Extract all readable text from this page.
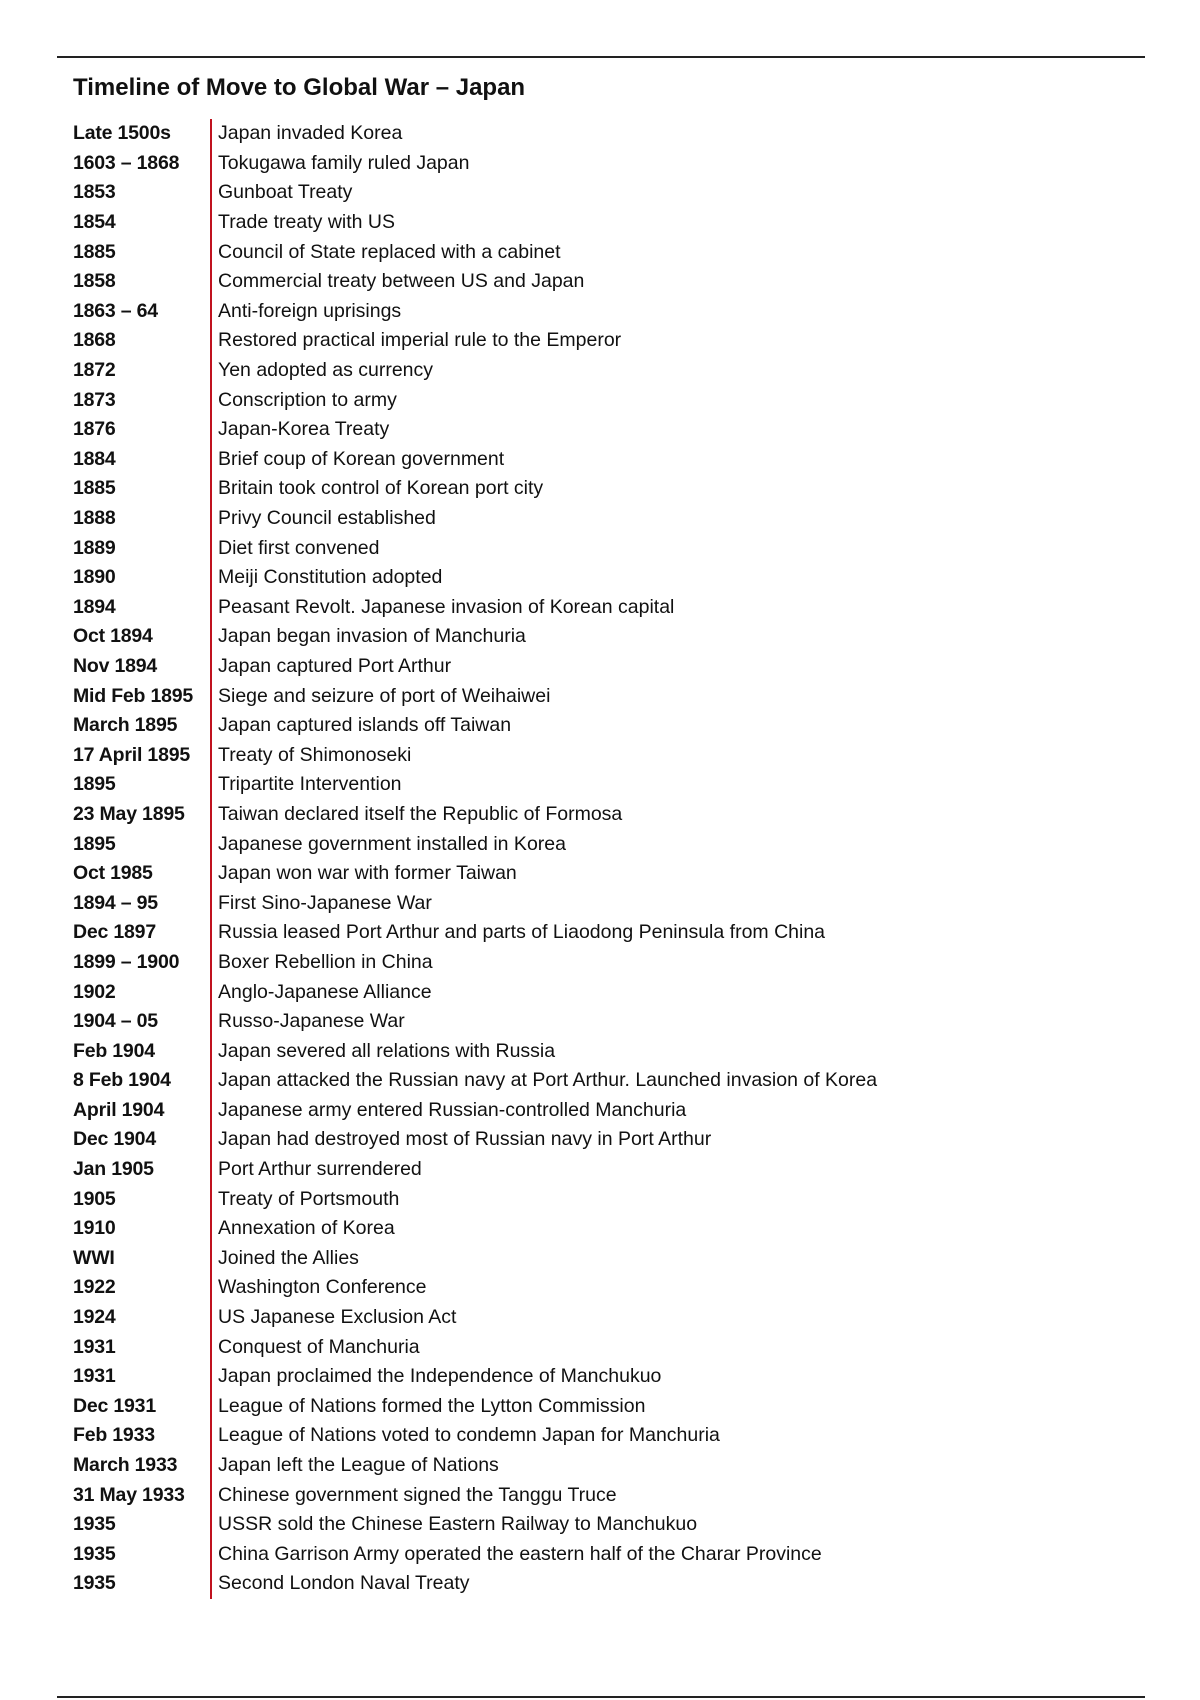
Timeline of Move to Global War – Japan
Late 1500s	Japan invaded Korea
1603 – 1868	Tokugawa family ruled Japan
1853	Gunboat Treaty
1854	Trade treaty with US
1885	Council of State replaced with a cabinet
1858	Commercial treaty between US and Japan
1863 – 64	Anti-foreign uprisings
1868	Restored practical imperial rule to the Emperor
1872	Yen adopted as currency
1873	Conscription to army
1876	Japan-Korea Treaty
1884	Brief coup of Korean government
1885	Britain took control of Korean port city
1888	Privy Council established
1889	Diet first convened
1890	Meiji Constitution adopted
1894	Peasant Revolt. Japanese invasion of Korean capital
Oct 1894	Japan began invasion of Manchuria
Nov 1894	Japan captured Port Arthur
Mid Feb 1895	Siege and seizure of port of Weihaiwei
March 1895	Japan captured islands off Taiwan
17 April 1895	Treaty of Shimonoseki
1895	Tripartite Intervention
23 May 1895	Taiwan declared itself the Republic of Formosa
1895	Japanese government installed in Korea
Oct 1985	Japan won war with former Taiwan
1894 – 95	First Sino-Japanese War
Dec 1897	Russia leased Port Arthur and parts of Liaodong Peninsula from China
1899 – 1900	Boxer Rebellion in China
1902	Anglo-Japanese Alliance
1904 – 05	Russo-Japanese War
Feb 1904	Japan severed all relations with Russia
8 Feb 1904	Japan attacked the Russian navy at Port Arthur. Launched invasion of Korea
April 1904	Japanese army entered Russian-controlled Manchuria
Dec 1904	Japan had destroyed most of Russian navy in Port Arthur
Jan 1905	Port Arthur surrendered
1905	Treaty of Portsmouth
1910	Annexation of Korea
WWI	Joined the Allies
1922	Washington Conference
1924	US Japanese Exclusion Act
1931	Conquest of Manchuria
1931	Japan proclaimed the Independence of Manchukuo
Dec 1931	League of Nations formed the Lytton Commission
Feb 1933	League of Nations voted to condemn Japan for Manchuria
March 1933	Japan left the League of Nations
31 May 1933	Chinese government signed the Tanggu Truce
1935	USSR sold the Chinese Eastern Railway to Manchukuo
1935	China Garrison Army operated the eastern half of the Charar Province
1935	Second London Naval Treaty
